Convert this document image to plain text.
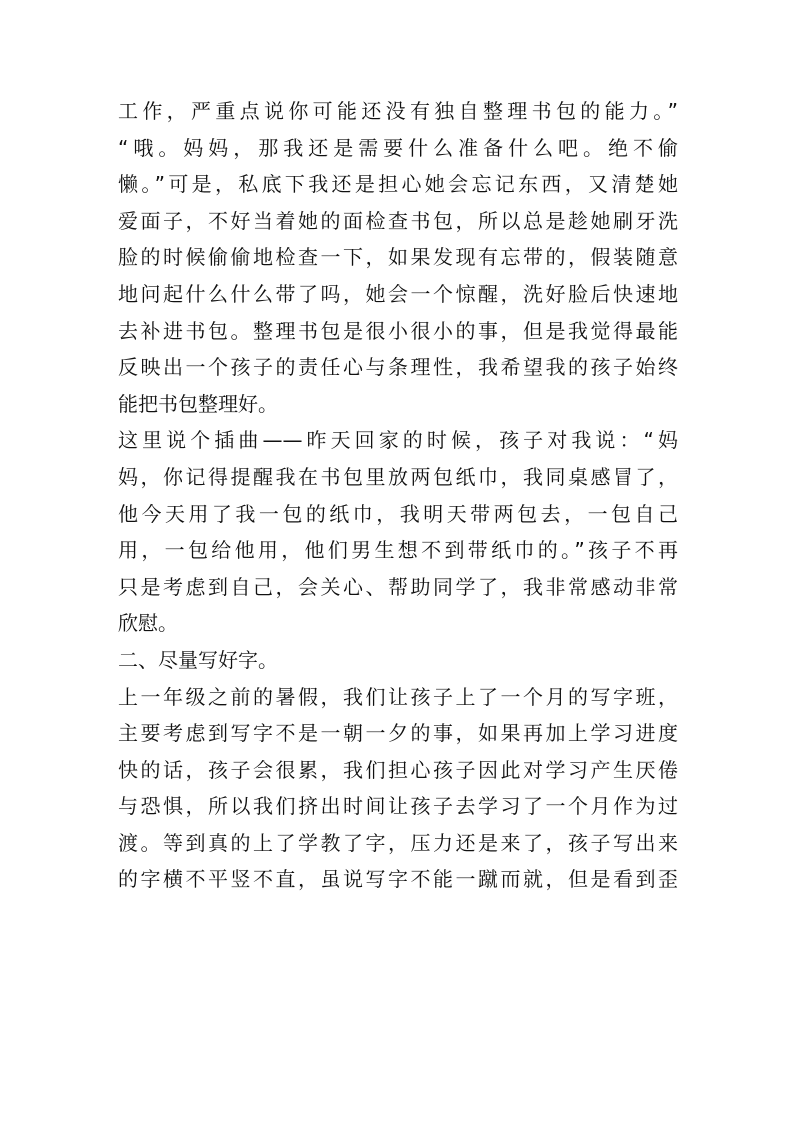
工作，严重点说你可能还没有独自整理书包的能力。”
“哦。妈妈，那我还是需要什么准备什么吧。绝不偷
懒。”可是，私底下我还是担心她会忘记东西，又清楚她
爱面子，不好当着她的面检查书包，所以总是趁她刷牙洗
脸的时候偷偷地检查一下，如果发现有忘带的，假装随意
地问起什么什么带了吗，她会一个惊醒，洗好脸后快速地
去补进书包。整理书包是很小很小的事，但是我觉得最能
反映出一个孩子的责任心与条理性，我希望我的孩子始终
能把书包整理好。
这里说个插曲——昨天回家的时候，孩子对我说：“妈
妈，你记得提醒我在书包里放两包纸巾，我同桌感冒了，
他今天用了我一包的纸巾，我明天带两包去，一包自己
用，一包给他用，他们男生想不到带纸巾的。”孩子不再
只是考虑到自己，会关心、帮助同学了，我非常感动非常
欣慰。
二、尽量写好字。
上一年级之前的暑假，我们让孩子上了一个月的写字班，
主要考虑到写字不是一朝一夕的事，如果再加上学习进度
快的话，孩子会很累，我们担心孩子因此对学习产生厌倦
与恐惧，所以我们挤出时间让孩子去学习了一个月作为过
渡。等到真的上了学教了字，压力还是来了，孩子写出来
的字横不平竖不直，虽说写字不能一蹴而就，但是看到歪
